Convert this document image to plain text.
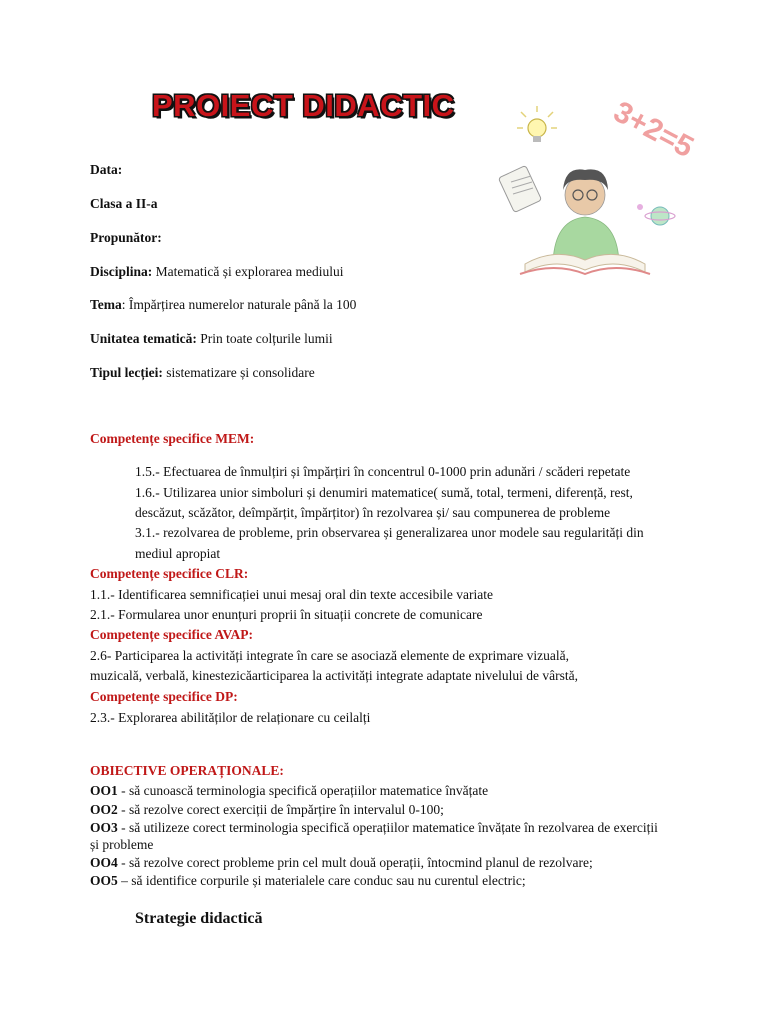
PROIECT DIDACTIC	3+2=5
Data:
Clasa a II-a
Propunător:
Disciplina: Matematică și explorarea mediului
Tema: Împărțirea numerelor naturale până la 100
Unitatea tematică: Prin toate colțurile lumii
Tipul lecției: sistematizare și consolidare
Competențe specifice MEM:
1.5.- Efectuarea de înmulțiri și împărțiri în concentrul 0-1000 prin adunări / scăderi repetate
1.6.- Utilizarea unior simboluri și denumiri matematice( sumă, total, termeni, diferență, rest,
descăzut, scăzător, deîmpărțit, împărțitor) în rezolvarea și/ sau compunerea de probleme
3.1.- rezolvarea de probleme, prin observarea și generalizarea unor modele sau regularități din
mediul apropiat
Competențe specifice CLR:
1.1.- Identificarea semnificației unui mesaj oral din texte accesibile variate
2.1.- Formularea unor enunțuri proprii în situații concrete de comunicare
Competențe specifice AVAP:
2.6- Participarea la activități integrate în care se asociază elemente de exprimare vizuală,
muzicală, verbală, kinestezicăarticiparea la activități integrate adaptate nivelului de vârstă,
Competențe specifice DP:
2.3.- Explorarea abilităților de relaționare cu ceilalți
OBIECTIVE OPERAȚIONALE:
OO1 - să cunoască terminologia specifică operațiilor matematice învățate
OO2 - să rezolve corect exerciții de împărțire în intervalul 0-100;
OO3 - să utilizeze corect terminologia specifică operațiilor matematice învățate în rezolvarea de exerciții
și probleme
OO4 - să rezolve corect probleme prin cel mult două operații, întocmind planul de rezolvare;
OO5 – să identifice corpurile și materialele care conduc sau nu curentul electric;
Strategie didactică
